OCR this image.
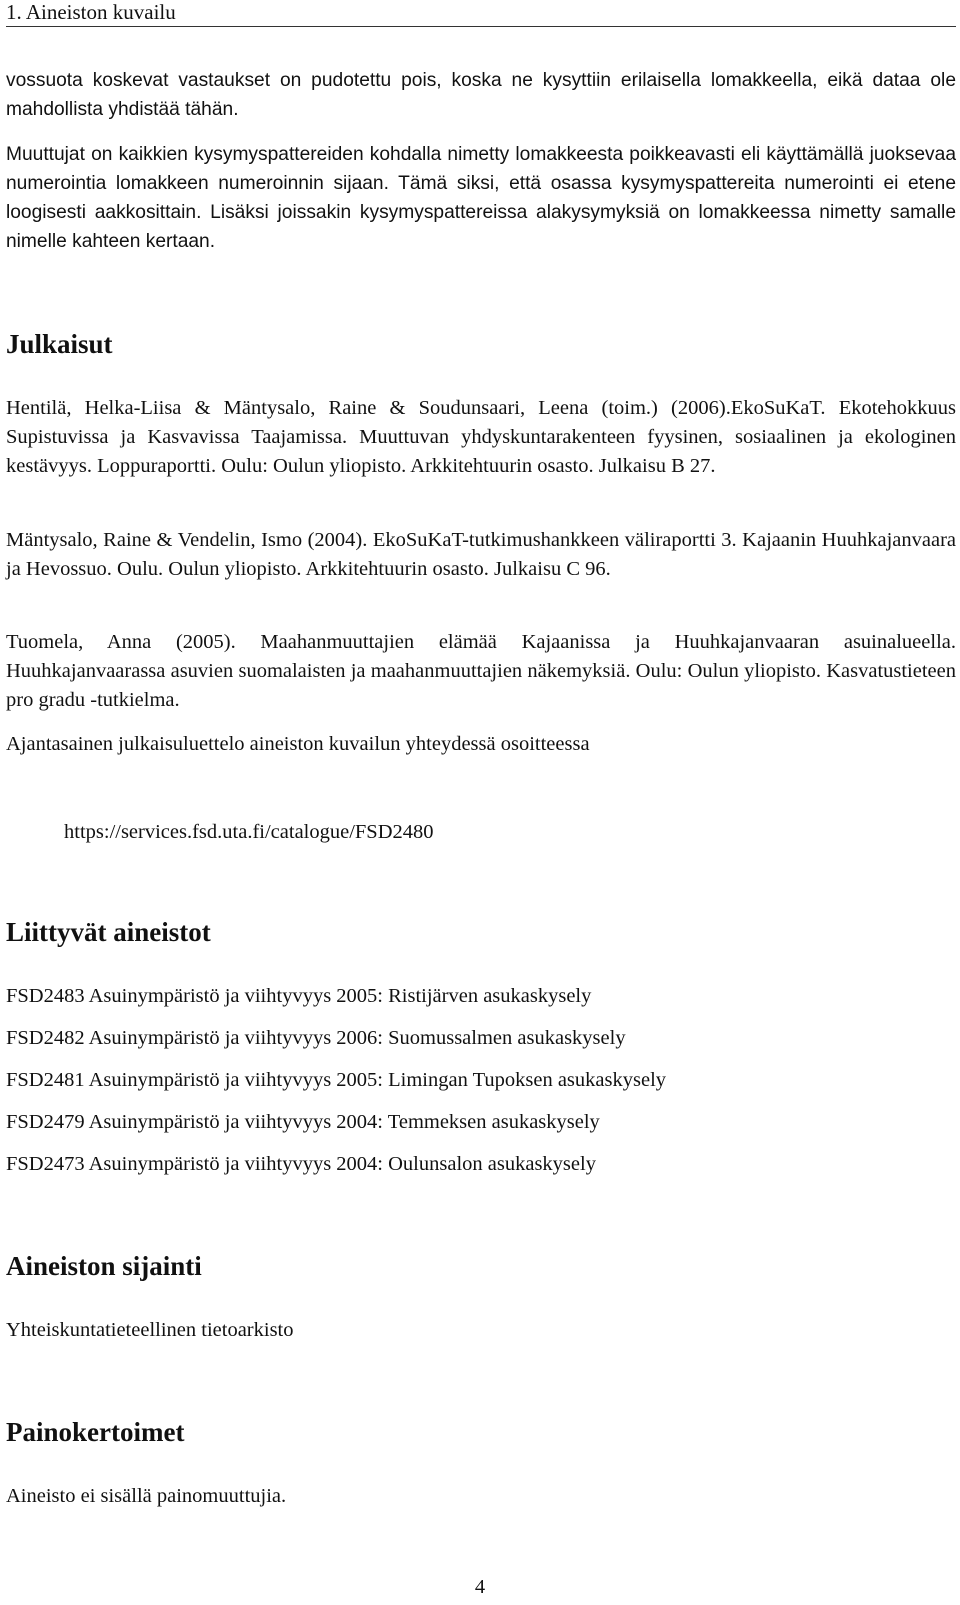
1. Aineiston kuvailu

vossuota koskevat vastaukset on pudotettu pois, koska ne kysyttiin erilaisella lomakkeella, eikä dataa ole mahdollista yhdistää tähän.

Muuttujat on kaikkien kysymyspattereiden kohdalla nimetty lomakkeesta poikkeavasti eli käyttämällä juoksevaa numerointia lomakkeen numeroinnin sijaan. Tämä siksi, että osassa kysymyspattereita numerointi ei etene loogisesti aakkosittain. Lisäksi joissakin kysymyspattereissa alakysymyksiä on lomakkeessa nimetty samalle nimelle kahteen kertaan.

Julkaisut

Hentilä, Helka-Liisa & Mäntysalo, Raine & Soudunsaari, Leena (toim.) (2006).EkoSuKaT. Ekotehokkuus Supistuvissa ja Kasvavissa Taajamissa. Muuttuvan yhdyskuntarakenteen fyysinen, sosiaalinen ja ekologinen kestävyys. Loppuraportti. Oulu: Oulun yliopisto. Arkkitehtuurin osasto. Julkaisu B 27.

Mäntysalo, Raine & Vendelin, Ismo (2004). EkoSuKaT-tutkimushankkeen väliraportti 3. Kajaanin Huuhkajanvaara ja Hevossuo. Oulu. Oulun yliopisto. Arkkitehtuurin osasto. Julkaisu C 96.

Tuomela, Anna (2005). Maahanmuuttajien elämää Kajaanissa ja Huuhkajanvaaran asuinalueella. Huuhkajanvaarassa asuvien suomalaisten ja maahanmuuttajien näkemyksiä. Oulu: Oulun yliopisto. Kasvatustieteen pro gradu -tutkielma.

Ajantasainen julkaisuluettelo aineiston kuvailun yhteydessä osoitteessa

https://services.fsd.uta.fi/catalogue/FSD2480

Liittyvät aineistot

FSD2483 Asuinympäristö ja viihtyvyys 2005: Ristijärven asukaskysely

FSD2482 Asuinympäristö ja viihtyvyys 2006: Suomussalmen asukaskysely

FSD2481 Asuinympäristö ja viihtyvyys 2005: Limingan Tupoksen asukaskysely

FSD2479 Asuinympäristö ja viihtyvyys 2004: Temmeksen asukaskysely

FSD2473 Asuinympäristö ja viihtyvyys 2004: Oulunsalon asukaskysely

Aineiston sijainti

Yhteiskuntatieteellinen tietoarkisto

Painokertoimet

Aineisto ei sisällä painomuuttujia.

4
